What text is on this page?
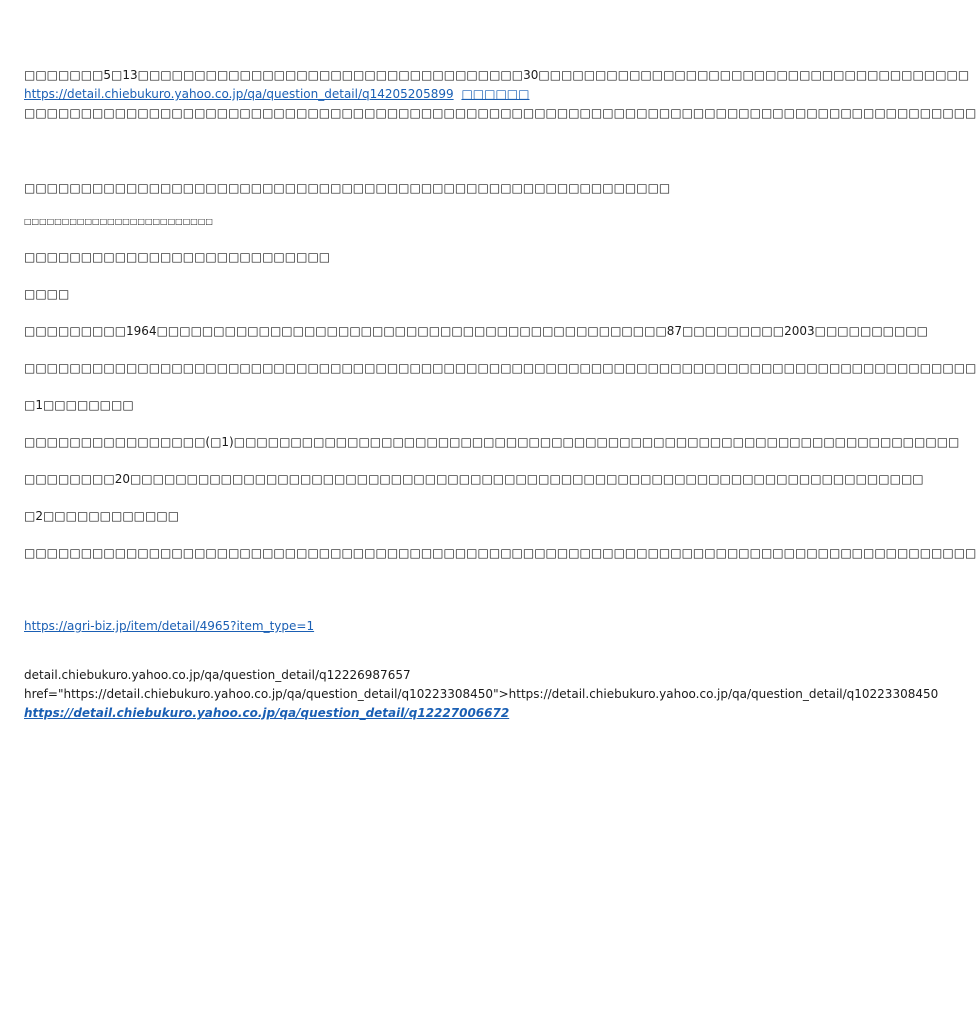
□□□□□□□5□13□□□□□□□□□□□□□□□□□□□□□□□□□□□□□□□□□□30□□□□□□□□□□□□□□□□□□□□□□□□□□□□□□□□□□□□□□
https://detail.chiebukuro.yahoo.co.jp/qa/question_detail/q14205205899 □□□□□□
□□□□□□□□□□□□□□□□□□□□□□□□□□□□□□□□□□□□□□□□□□□□□□□□□□□□□□□□□□□□□□□□□□□□□□□□□□□□□□□□□□□□
□□□□□□□□□□□□□□□□□□□□□□□□□□□□□□□□□□□□□□□□□□□□□□□□□□□□□□□□□
□□□□□□□□□□□□□□□□□□□□□□□□□
□□□□□□□□□□□□□□□□□□□□□□□□□□□
□□□□
□□□□□□□□□1964□□□□□□□□□□□□□□□□□□□□□□□□□□□□□□□□□□□□□□□□□□□□□87□□□□□□□□□2003□□□□□□□□□□
□□□□□□□□□□□□□□□□□□□□□□□□□□□□□□□□□□□□□□□□□□□□□□□□□□□□□□□□□□□□□□□□□□□□□□□□□□□□□□□□□□□□
□1□□□□□□□□
□□□□□□□□□□□□□□□□(□1)□□□□□□□□□□□□□□□□□□□□□□□□□□□□□□□□□□□□□□□□□□□□□□□□□□□□□□□□□□□□□□□□
□□□□□□□□20□□□□□□□□□□□□□□□□□□□□□□□□□□□□□□□□□□□□□□□□□□□□□□□□□□□□□□□□□□□□□□□□□□□□□□
□2□□□□□□□□□□□□
□□□□□□□□□□□□□□□□□□□□□□□□□□□□□□□□□□□□□□□□□□□□□□□□□□□□□□□□□□□□□□□□□□□□□□□□□□□□□□□□□□□□
https://agri-biz.jp/item/detail/4965?item_type=1
detail.chiebukuro.yahoo.co.jp/qa/question_detail/q12226987657
href="https://detail.chiebukuro.yahoo.co.jp/qa/question_detail/q10223308450">https://detail.chiebukuro.yahoo.co.jp/qa/question_detail/q10223308450
https://detail.chiebukuro.yahoo.co.jp/qa/question_detail/q12227006672
